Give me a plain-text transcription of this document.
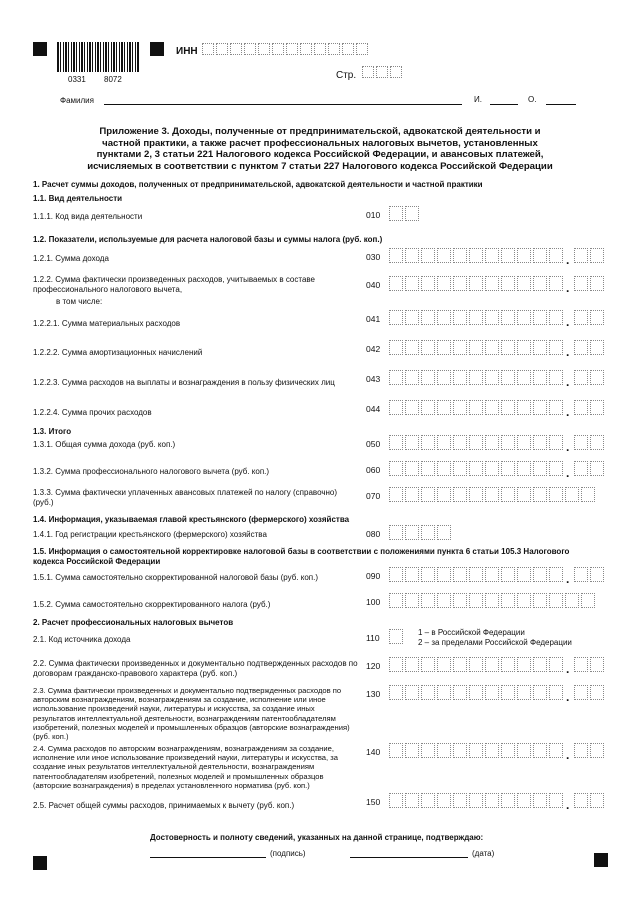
0331 8072
ИНН
Стр.
Фамилия	И.	О.
Приложение 3. Доходы, полученные от предпринимательской, адвокатской деятельности и частной практики, а также расчет профессиональных налоговых вычетов, установленных пунктами 2, 3 статьи 221 Налогового кодекса Российской Федерации, и авансовых платежей, исчисляемых в соответствии с пунктом 7 статьи 227 Налогового кодекса Российской Федерации
1. Расчет суммы доходов, полученных от предпринимательской, адвокатской деятельности и частной практики
1.1. Вид деятельности
1.1.1. Код вида деятельности	010
1.2. Показатели, используемые для расчета налоговой базы и суммы налога (руб. коп.)
1.2.1. Сумма дохода	030	.
1.2.2. Сумма фактически произведенных расходов, учитываемых в составе профессионального налогового вычета,
в том числе:
040	.
1.2.2.1. Сумма материальных расходов	041	.
1.2.2.2. Сумма амортизационных начислений	042	.
1.2.2.3. Сумма расходов на выплаты и вознаграждения в пользу физических лиц	043	.
1.2.2.4. Сумма прочих расходов	044	.
1.3. Итого
1.3.1. Общая сумма дохода (руб. коп.)	050	.
1.3.2. Сумма профессионального налогового вычета (руб. коп.)	060	.
1.3.3. Сумма фактически уплаченных авансовых платежей по налогу (справочно) (руб.)
070
1.4. Информация, указываемая главой крестьянского (фермерского) хозяйства
1.4.1. Год регистрации крестьянского (фермерского) хозяйства	080
1.5. Информация о самостоятельной корректировке налоговой базы в соответствии с положениями пункта 6 статьи 105.3 Налогового кодекса Российской Федерации
1.5.1. Сумма самостоятельно скорректированной налоговой базы (руб. коп.)	090	.
1.5.2. Сумма самостоятельно скорректированного налога (руб.)	100
2. Расчет профессиональных налоговых вычетов
2.1. Код источника дохода	110
1 – в Российской Федерации
2 – за пределами Российской Федерации
2.2. Сумма фактически произведенных и документально подтвержденных расходов по договорам гражданско-правового характера (руб. коп.)
120	.
2.3. Сумма фактически произведенных и документально подтвержденных расходов по авторским вознаграждениям, вознаграждениям за создание, исполнение или иное использование произведений науки, литературы и искусства, за создание иных результатов интеллектуальной деятельности, вознаграждениям патентообладателям изобретений, полезных моделей и промышленных образцов (авторские вознаграждения) (руб. коп.)
130	.
2.4. Сумма расходов по авторским вознаграждениям, вознаграждениям за создание, исполнение или иное использование произведений науки, литературы и искусства, за создание иных результатов интеллектуальной деятельности, вознаграждениям патентообладателям изобретений, полезных моделей и промышленных образцов (авторские вознаграждения) в пределах установленного норматива (руб. коп.)
140	.
2.5. Расчет общей суммы расходов, принимаемых к вычету (руб. коп.)	150	.
Достоверность и полноту сведений, указанных на данной странице, подтверждаю:
(подпись)	(дата)
